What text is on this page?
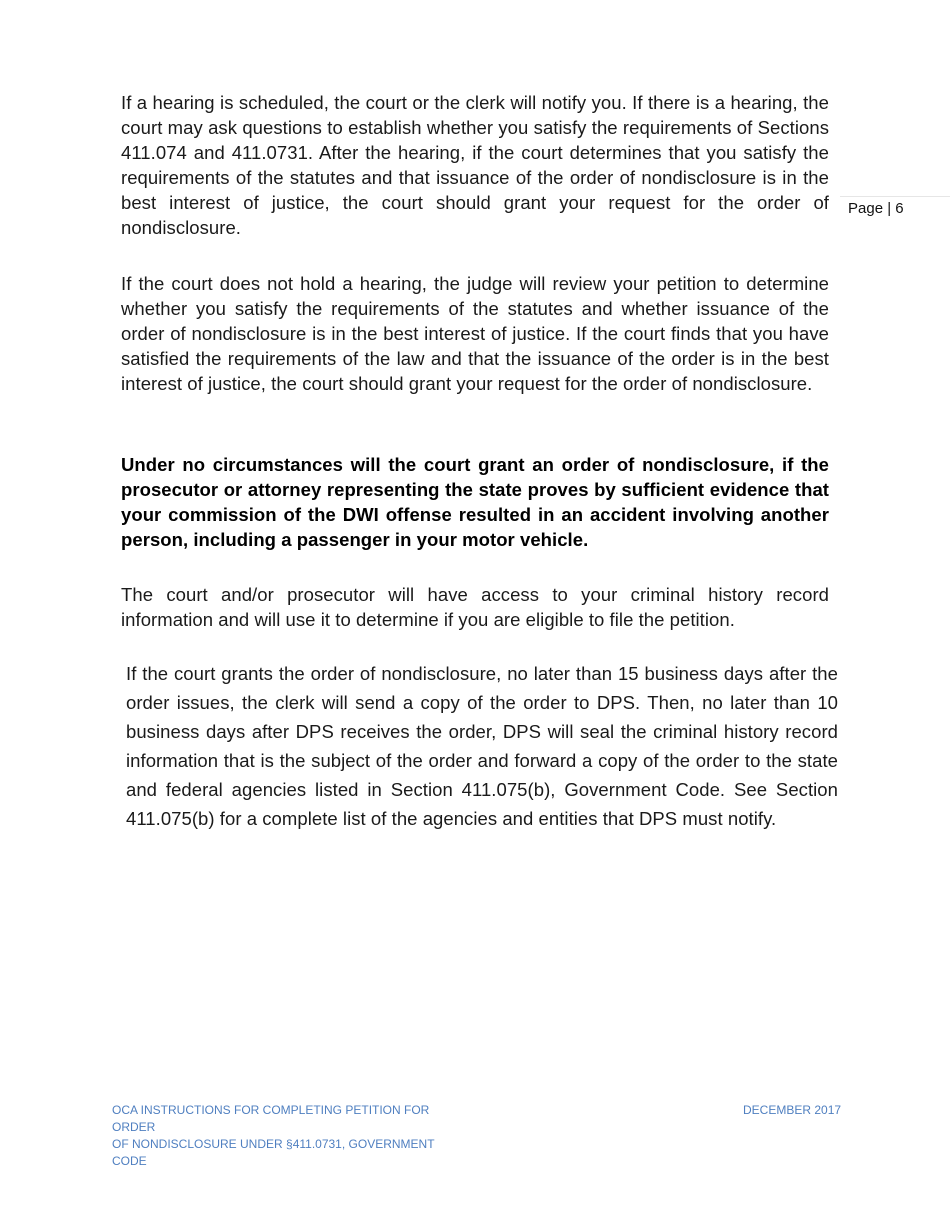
Page | 6

If a hearing is scheduled, the court or the clerk will notify you. If there is a hearing, the court may ask questions to establish whether you satisfy the requirements of Sections 411.074 and 411.0731. After the hearing, if the court determines that you satisfy the requirements of the statutes and that issuance of the order of nondisclosure is in the best interest of justice, the court should grant your request for the order of nondisclosure.

If the court does not hold a hearing, the judge will review your petition to determine whether you satisfy the requirements of the statutes and whether issuance of the order of nondisclosure is in the best interest of justice. If the court finds that you have satisfied the requirements of the law and that the issuance of the order is in the best interest of justice, the court should grant your request for the order of nondisclosure.

Under no circumstances will the court grant an order of nondisclosure, if the prosecutor or attorney representing the state proves by sufficient evidence that your commission of the DWI offense resulted in an accident involving another person, including a passenger in your motor vehicle.

The court and/or prosecutor will have access to your criminal history record information and will use it to determine if you are eligible to file the petition.

If the court grants the order of nondisclosure, no later than 15 business days after the order issues, the clerk will send a copy of the order to DPS. Then, no later than 10 business days after DPS receives the order, DPS will seal the criminal history record information that is the subject of the order and forward a copy of the order to the state and federal agencies listed in Section 411.075(b), Government Code. See Section 411.075(b) for a complete list of the agencies and entities that DPS must notify.

OCA INSTRUCTIONS FOR COMPLETING PETITION FOR ORDER
OF NONDISCLOSURE UNDER §411.0731, GOVERNMENT
CODE
DECEMBER 2017
